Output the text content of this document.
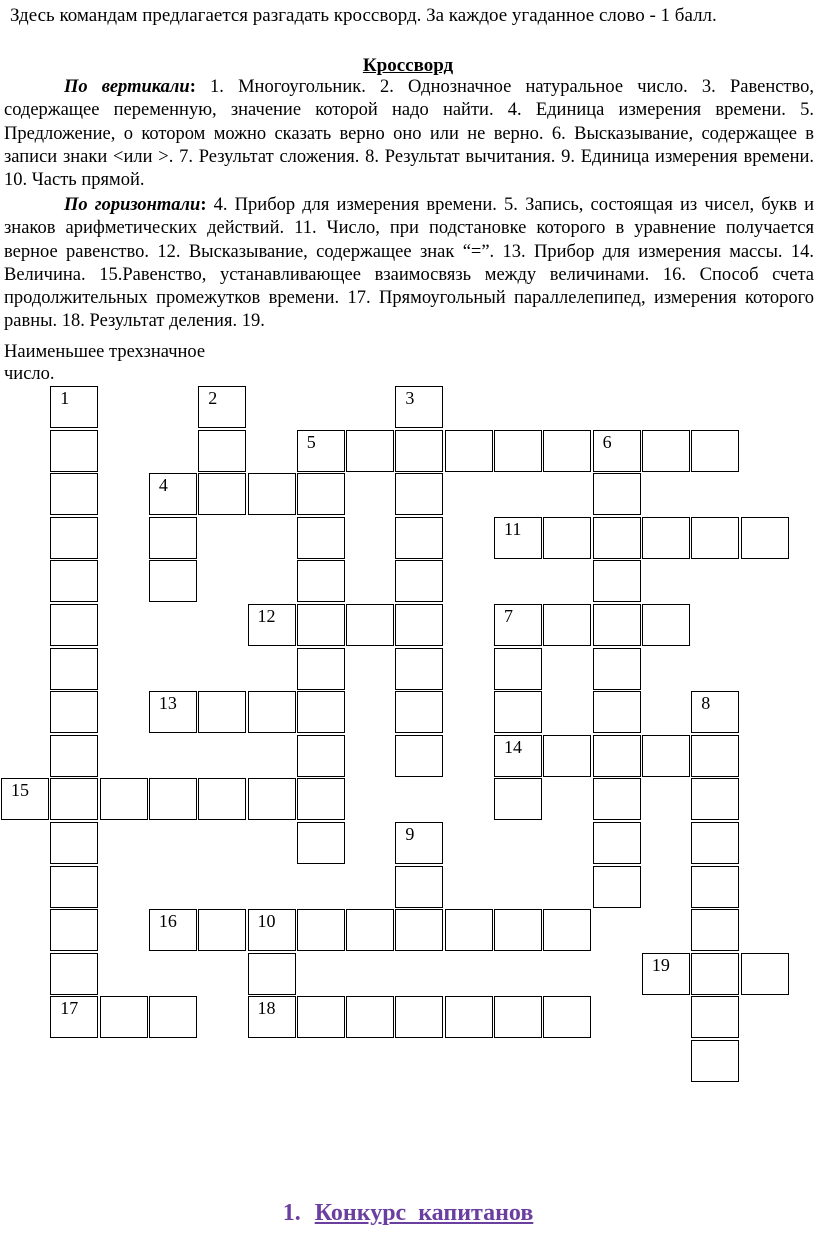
Здесь командам предлагается разгадать кроссворд. За каждое угаданное слово - 1 балл.
Кроссворд
По вертикали: 1. Многоугольник. 2. Однозначное натуральное число. 3. Равенство, содержащее переменную, значение которой надо найти. 4. Единица измерения времени. 5. Предложение, о котором можно сказать верно оно или не верно. 6. Высказывание, содержащее в записи знаки <или >. 7. Результат сложения. 8. Результат вычитания. 9. Единица измерения времени. 10. Часть прямой.
По горизонтали: 4. Прибор для измерения времени. 5. Запись, состоящая из чисел, букв и знаков арифметических действий. 11. Число, при подстановке которого в уравнение получается верное равенство. 12. Высказывание, содержащее знак “=”. 13. Прибор для измерения массы. 14. Величина. 15.Равенство, устанавливающее взаимосвязь между величинами. 16. Способ счета продолжительных промежутков времени. 17. Прямоугольный параллелепипед, измерения которого равны. 18. Результат деления. 19.
Наименьшее трехзначное
число.
1
17
2	3
5	6
4
11
12	7
14
13	8
15
9
16	10
19
18
1. Конкурс капитанов
